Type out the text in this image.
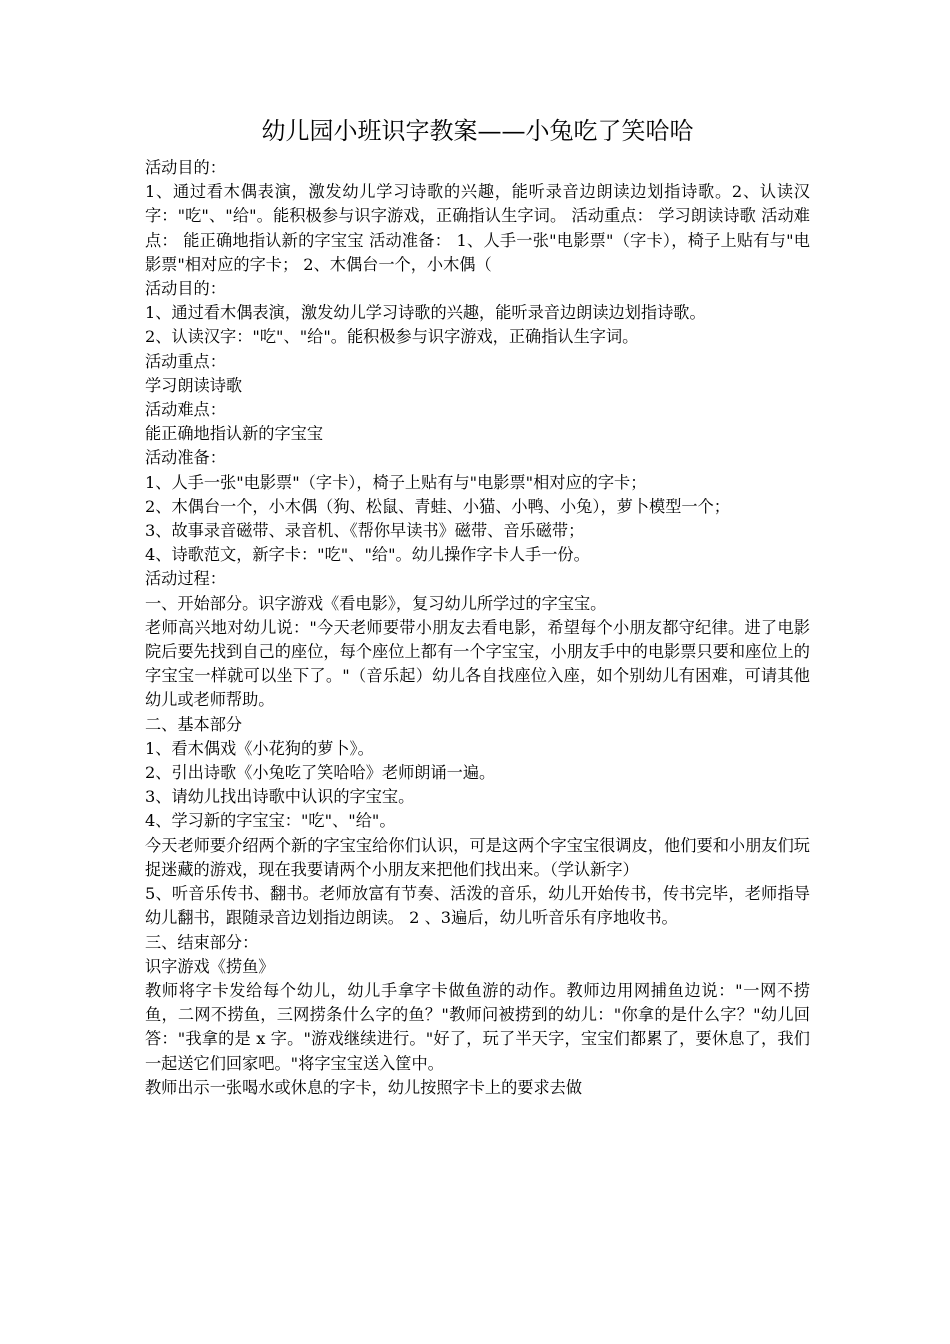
幼儿园小班识字教案——小兔吃了笑哈哈

活动目的：

1、通过看木偶表演，激发幼儿学习诗歌的兴趣，能听录音边朗读边划指诗歌。2、认读汉字："吃"、"给"。能积极参与识字游戏，正确指认生字词。 活动重点： 学习朗读诗歌 活动难点： 能正确地指认新的字宝宝 活动准备： 1、人手一张"电影票"（字卡），椅子上贴有与"电影票"相对应的字卡； 2、木偶台一个，小木偶（

活动目的：

1、通过看木偶表演，激发幼儿学习诗歌的兴趣，能听录音边朗读边划指诗歌。

2、认读汉字："吃"、"给"。能积极参与识字游戏，正确指认生字词。

活动重点：

学习朗读诗歌

活动难点：

能正确地指认新的字宝宝

活动准备：

1、人手一张"电影票"（字卡），椅子上贴有与"电影票"相对应的字卡；

2、木偶台一个，小木偶（狗、松鼠、青蛙、小猫、小鸭、小兔），萝卜模型一个；

3、故事录音磁带、录音机、《帮你早读书》磁带、音乐磁带；

4、诗歌范文，新字卡："吃"、"给"。幼儿操作字卡人手一份。

活动过程：

一、开始部分。识字游戏《看电影》，复习幼儿所学过的字宝宝。

老师高兴地对幼儿说："今天老师要带小朋友去看电影，希望每个小朋友都守纪律。进了电影院后要先找到自己的座位，每个座位上都有一个字宝宝，小朋友手中的电影票只要和座位上的字宝宝一样就可以坐下了。"（音乐起）幼儿各自找座位入座，如个别幼儿有困难，可请其他幼儿或老师帮助。

二、基本部分

1、看木偶戏《小花狗的萝卜》。

2、引出诗歌《小兔吃了笑哈哈》老师朗诵一遍。

3、请幼儿找出诗歌中认识的字宝宝。

4、学习新的字宝宝："吃"、"给"。

今天老师要介绍两个新的字宝宝给你们认识，可是这两个字宝宝很调皮，他们要和小朋友们玩捉迷藏的游戏，现在我要请两个小朋友来把他们找出来。（学认新字）

5、听音乐传书、翻书。老师放富有节奏、活泼的音乐，幼儿开始传书，传书完毕，老师指导幼儿翻书，跟随录音边划指边朗读。 2 、3遍后，幼儿听音乐有序地收书。

三、结束部分：

识字游戏《捞鱼》

教师将字卡发给每个幼儿，幼儿手拿字卡做鱼游的动作。教师边用网捕鱼边说："一网不捞鱼，二网不捞鱼，三网捞条什么字的鱼？"教师问被捞到的幼儿："你拿的是什么字？"幼儿回答："我拿的是 x 字。"游戏继续进行。"好了，玩了半天字，宝宝们都累了，要休息了，我们一起送它们回家吧。"将字宝宝送入筐中。

教师出示一张喝水或休息的字卡，幼儿按照字卡上的要求去做
